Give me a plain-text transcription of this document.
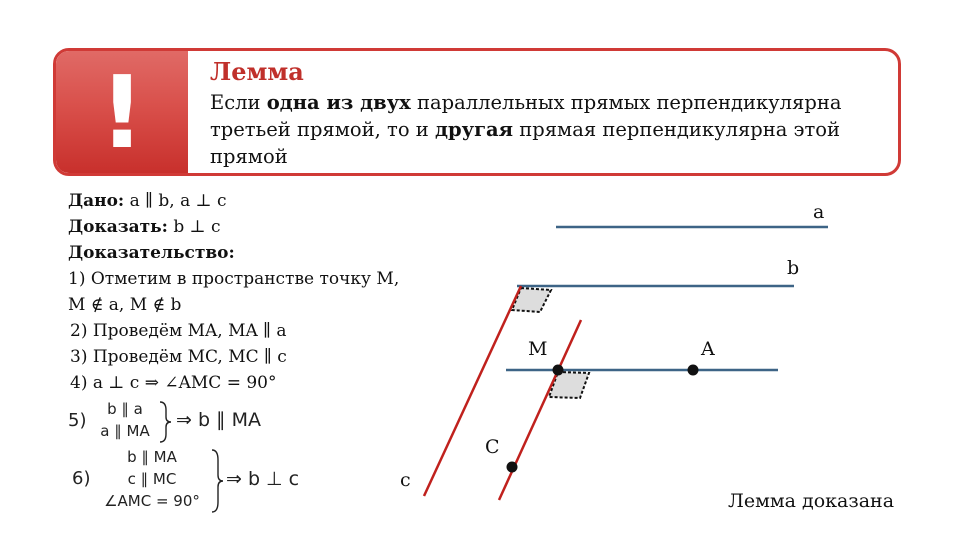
!	Лемма
Если одна из двух параллельных прямых перпендикулярна
третьей прямой, то и другая прямая перпендикулярна этой
прямой
Дано: a ∥ b, a ⊥ c
Доказать: b ⊥ c
Доказательство:
1) Отметим в пространстве точку M,
M ∉ a, M ∉ b
2) Проведём MA, MA ∥ a
3) Проведём MC, MC ∥ c
4) a ⊥ c ⇒ ∠AMC = 90°
5)
b ∥ a
a ∥ MA	⇒ b ∥ MA
6)
b ∥ MA
c ∥ MC
∠AMC = 90°
⇒ b ⊥ c
a
b
c
M	A
C
Лемма доказана
